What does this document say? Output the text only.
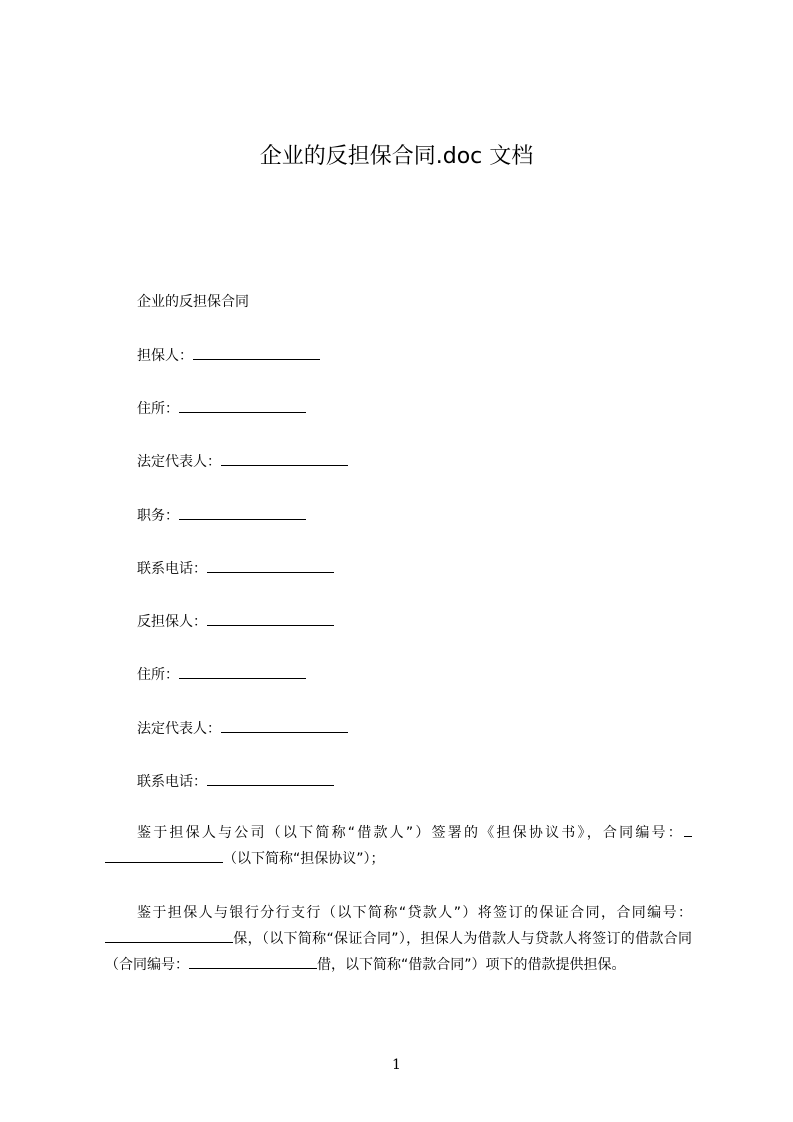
企业的反担保合同.doc 文档
企业的反担保合同
担保人：
住所：
法定代表人：
职务：
联系电话：
反担保人：
住所：
法定代表人：
联系电话：

鉴于担保人与公司（以下简称“借款人”）签署的《担保协议书》，合同编号：（以下简称“担保协议”）；

鉴于担保人与银行分行支行（以下简称“贷款人”）将签订的保证合同，合同编号：保，（以下简称“保证合同”），担保人为借款人与贷款人将签订的借款合同（合同编号：	借，以下简称“借款合同”）项下的借款提供担保。

1
